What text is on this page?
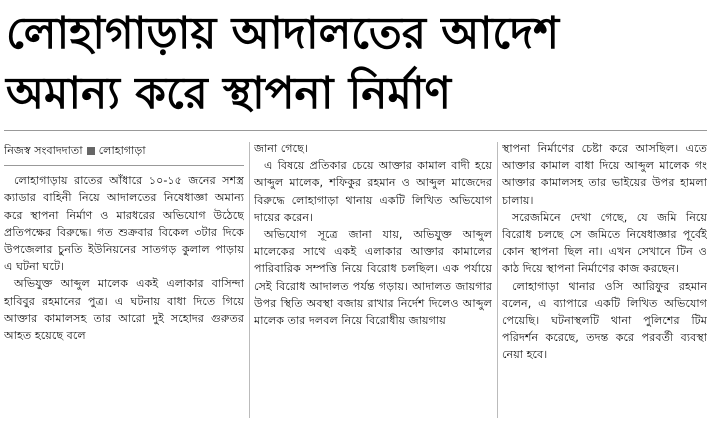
লোহাগাড়ায় আদালতের আদেশ
অমান্য করে স্থাপনা নির্মাণ
নিজস্ব সংবাদদাতা লোহাগাড়া

লোহাগাড়ায় রাতের আঁধারে ১০-১৫ জনের সশস্ত্র ক্যাডার বাহিনী নিয়ে আদালতের নিষেধাজ্ঞা অমান্য করে স্থাপনা নির্মাণ ও মারধরের অভিযোগ উঠেছে প্রতিপক্ষের বিরুদ্ধে। গত শুক্রবার বিকেল ৩টার দিকে উপজেলার চুনতি ইউনিয়নের সাতগড় কুলাল পাড়ায় এ ঘটনা ঘটে।

অভিযুক্ত আব্দুল মালেক একই এলাকার বাসিন্দা হাবিবুর রহমানের পুত্র। এ ঘটনায় বাধা দিতে গিয়ে আক্তার কামালসহ তার আরো দুই সহোদর গুরুতর আহত হয়েছে বলে

জানা গেছে।

এ বিষয়ে প্রতিকার চেয়ে আক্তার কামাল বাদী হয়ে আব্দুল মালেক, শফিকুর রহমান ও আব্দুল মাজেদের বিরুদ্ধে লোহাগাড়া থানায় একটি লিখিত অভিযোগ দায়ের করেন।

অভিযোগ সূত্রে জানা যায়, অভিযুক্ত আব্দুল মালেকের সাথে একই এলাকার আক্তার কামালের পারিবারিক সম্পত্তি নিয়ে বিরোধ চলছিল। এক পর্যায়ে সেই বিরোধ আদালত পর্যন্ত গড়ায়। আদালত জায়গার উপর স্থিতি অবস্থা বজায় রাখার নির্দেশ দিলেও আব্দুল মালেক তার দলবল নিয়ে বিরোধীয় জায়গায়

স্থাপনা নির্মাণের চেষ্টা করে আসছিল। এতে আক্তার কামাল বাধা দিয়ে আব্দুল মালেক গং আক্তার কামালসহ তার ভাইয়ের উপর হামলা চালায়।

সরেজমিনে দেখা গেছে, যে জমি নিয়ে বিরোধ চলছে সে জমিতে নিষেধাজ্ঞার পূর্বেই কোন স্থাপনা ছিল না। এখন সেখানে টিন ও কাঠ দিয়ে স্থাপনা নির্মাণের কাজ করছেন।

লোহাগাড়া থানার ওসি আরিফুর রহমান বলেন, এ ব্যাপারে একটি লিখিত অভিযোগ পেয়েছি। ঘটনাস্থলটি থানা পুলিশের টিম পরিদর্শন করেছে, তদন্ত করে পরবর্তী ব্যবস্থা নেয়া হবে।
